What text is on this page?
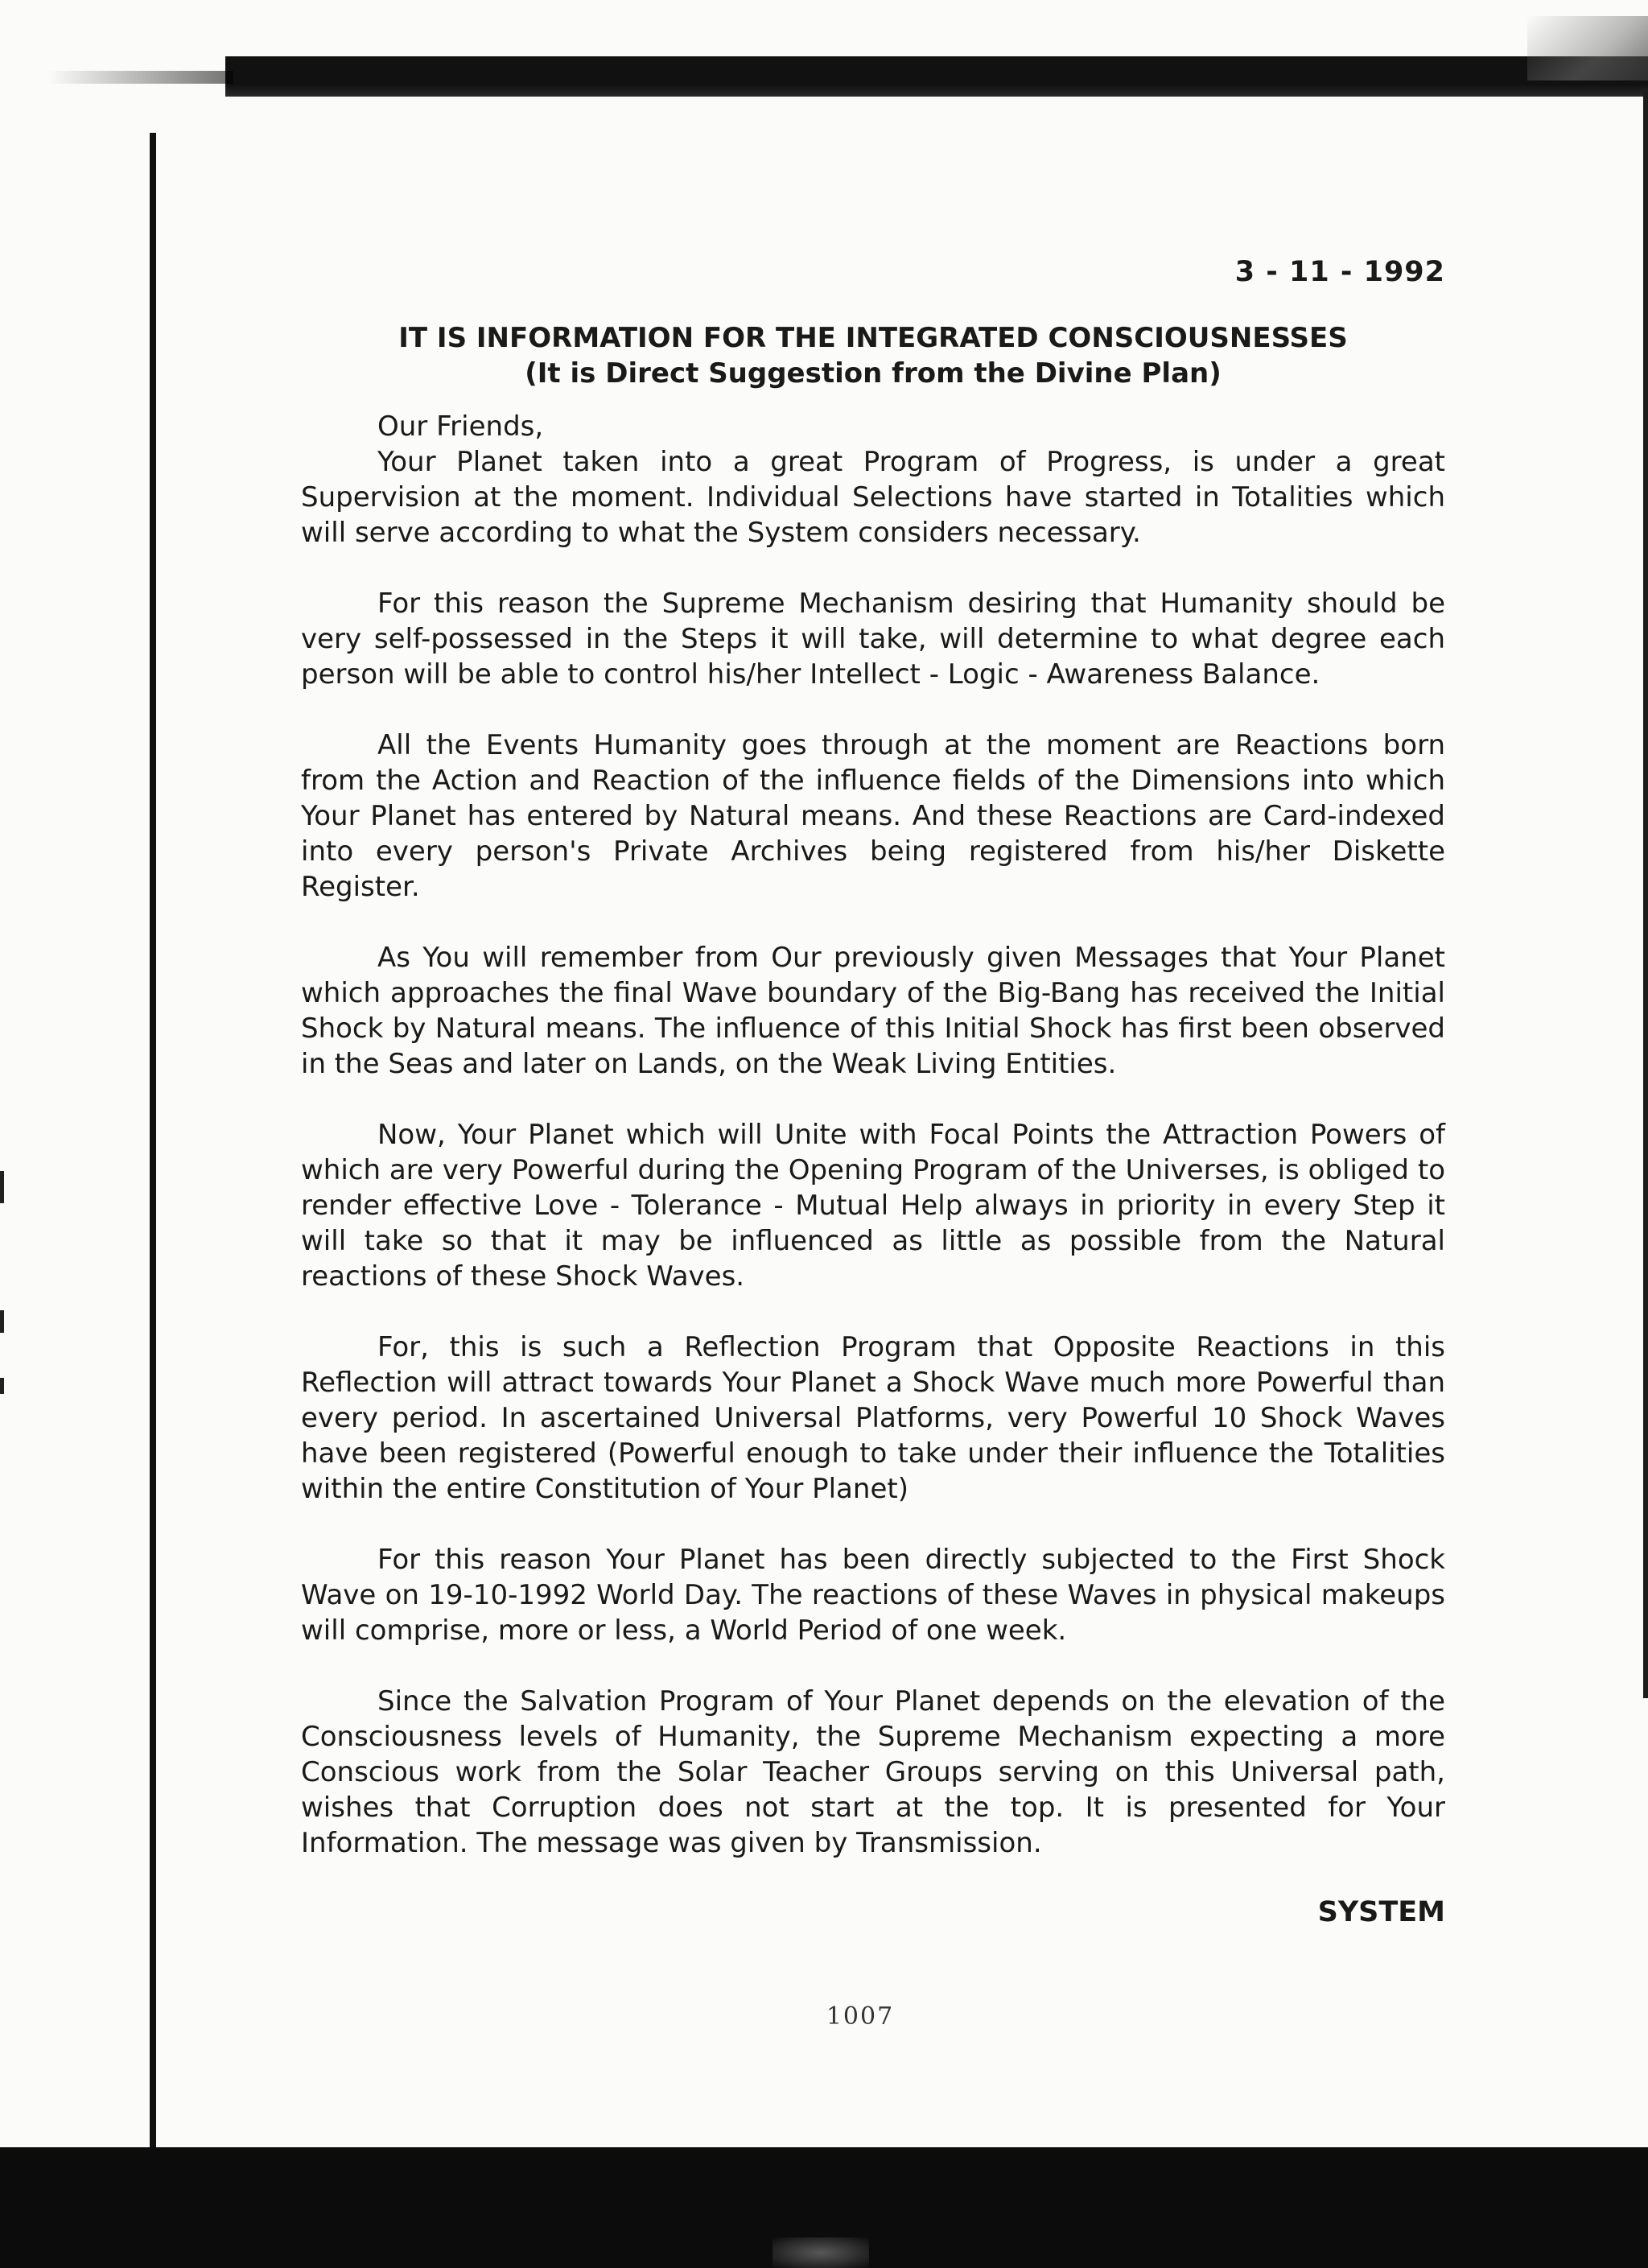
3 - 11 - 1992
IT IS INFORMATION FOR THE INTEGRATED CONSCIOUSNESSES
(It is Direct Suggestion from the Divine Plan)
Our Friends,

Your Planet taken into a great Program of Progress, is under a great Supervision at the moment. Individual Selections have started in Totalities which will serve according to what the System considers necessary.

For this reason the Supreme Mechanism desiring that Humanity should be very self-possessed in the Steps it will take, will determine to what degree each person will be able to control his/her Intellect - Logic - Awareness Balance.

All the Events Humanity goes through at the moment are Reactions born from the Action and Reaction of the influence fields of the Dimensions into which Your Planet has entered by Natural means. And these Reactions are Card-indexed into every person's Private Archives being registered from his/her Diskette Register.

As You will remember from Our previously given Messages that Your Planet which approaches the final Wave boundary of the Big-Bang has received the Initial Shock by Natural means. The influence of this Initial Shock has first been observed in the Seas and later on Lands, on the Weak Living Entities.

Now, Your Planet which will Unite with Focal Points the Attraction Powers of which are very Powerful during the Opening Program of the Universes, is obliged to render effective Love - Tolerance - Mutual Help always in priority in every Step it will take so that it may be influenced as little as possible from the Natural reactions of these Shock Waves.

For, this is such a Reflection Program that Opposite Reactions in this Reflection will attract towards Your Planet a Shock Wave much more Powerful than every period. In ascertained Universal Platforms, very Powerful 10 Shock Waves have been registered (Powerful enough to take under their influence the Totalities within the entire Constitution of Your Planet)

For this reason Your Planet has been directly subjected to the First Shock Wave on 19-10-1992 World Day. The reactions of these Waves in physical makeups will comprise, more or less, a World Period of one week.

Since the Salvation Program of Your Planet depends on the elevation of the Consciousness levels of Humanity, the Supreme Mechanism expecting a more Conscious work from the Solar Teacher Groups serving on this Universal path, wishes that Corruption does not start at the top. It is presented for Your Information. The message was given by Transmission.

SYSTEM
1007
